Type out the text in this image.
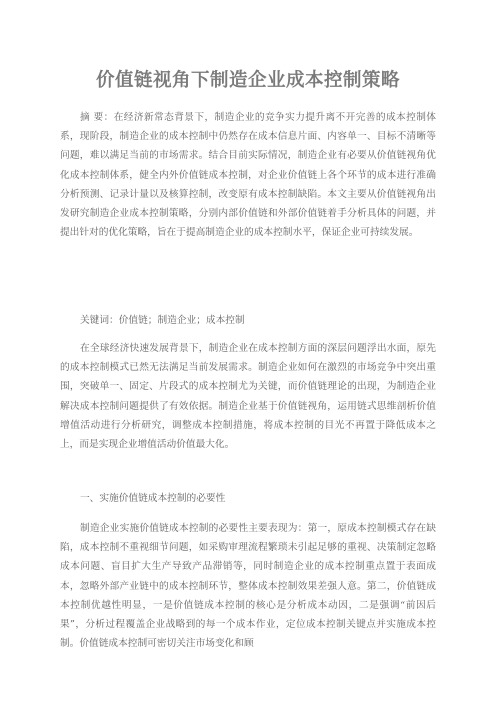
价值链视角下制造企业成本控制策略

摘 要：在经济新常态背景下，制造企业的竞争实力提升离不开完善的成本控制体系，现阶段，制造企业的成本控制中仍然存在成本信息片面、内容单一、目标不清晰等问题，难以满足当前的市场需求。结合目前实际情况，制造企业有必要从价值链视角优化成本控制体系，健全内外价值链成本控制，对企业价值链上各个环节的成本进行准确分析预测、记录计量以及核算控制，改变原有成本控制缺陷。本文主要从价值链视角出发研究制造企业成本控制策略，分别内部价值链和外部价值链着手分析具体的问题，并提出针对的优化策略，旨在于提高制造企业的成本控制水平，保证企业可持续发展。

关键词：价值链；制造企业；成本控制

在全球经济快速发展背景下，制造企业在成本控制方面的深层问题浮出水面，原先的成本控制模式已然无法满足当前发展需求。制造企业如何在激烈的市场竞争中突出重围，突破单一、固定、片段式的成本控制尤为关键，而价值链理论的出现，为制造企业解决成本控制问题提供了有效依据。制造企业基于价值链视角，运用链式思维剖析价值增值活动进行分析研究，调整成本控制措施，将成本控制的目光不再置于降低成本之上，而是实现企业增值活动价值最大化。

一、实施价值链成本控制的必要性

制造企业实施价值链成本控制的必要性主要表现为：第一，原成本控制模式存在缺陷，成本控制不重视细节问题，如采购审理流程繁琐未引起足够的重视、决策制定忽略成本问题、盲目扩大生产导致产品滞销等，同时制造企业的成本控制重点置于表面成本，忽略外部产业链中的成本控制环节，整体成本控制效果差强人意。第二，价值链成本控制优越性明显，一是价值链成本控制的核心是分析成本动因，二是强调“前因后果”，分析过程覆盖企业战略到的每一个成本作业，定位成本控制关键点并实施成本控制。价值链成本控制可密切关注市场变化和顾
